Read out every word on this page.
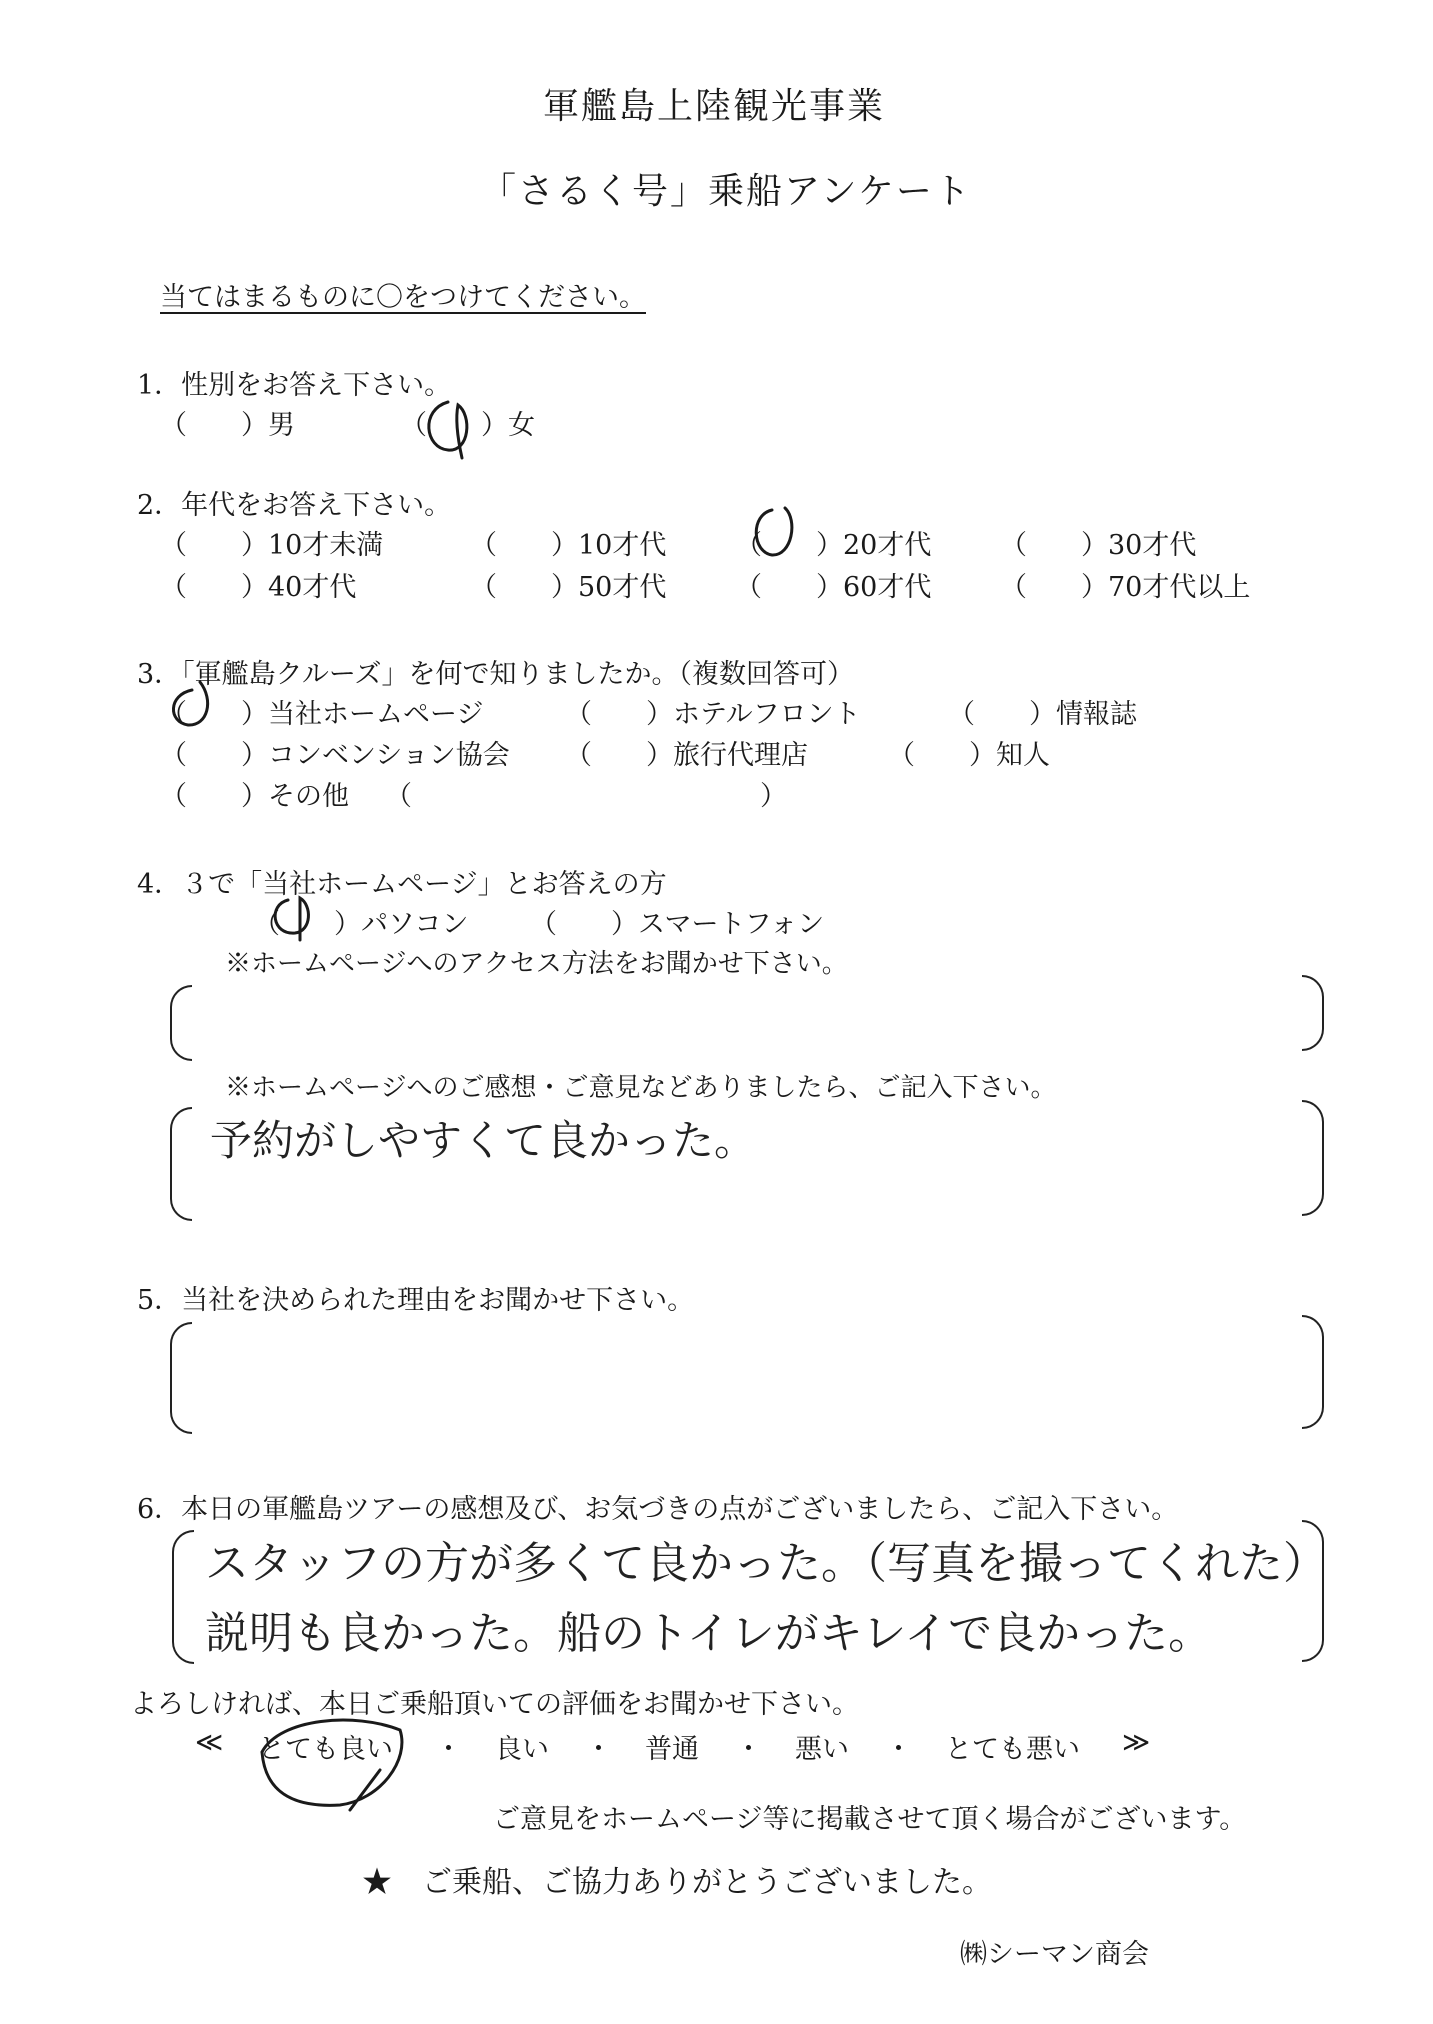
軍艦島上陸観光事業
「さるく号」乗船アンケート
当てはまるものに〇をつけてください。
1．性別をお答え下さい。
（　　）男	（　　）女
2．年代をお答え下さい。
（　　）10才未満	（　　）10才代	（　　）20才代	（　　）30才代
（　　）40才代	（　　）50才代	（　　）60才代	（　　）70才代以上
3．「軍艦島クルーズ」を何で知りましたか。（複数回答可）
（　　）当社ホームページ	（　　）ホテルフロント	（　　）情報誌
（　　）コンベンション協会 （　　）旅行代理店	（　　）知人
（　　）その他 （	）
4．３で「当社ホームページ」とお答えの方
（　　）パソコン （　　）スマートフォン
※ホームページへのアクセス方法をお聞かせ下さい。
※ホームページへのご感想・ご意見などありましたら、ご記入下さい。
予約がしやすくて良かった。
5．当社を決められた理由をお聞かせ下さい。
6．本日の軍艦島ツアーの感想及び、お気づきの点がございましたら、ご記入下さい。
スタッフの方が多くて良かった。（写真を撮ってくれた）
説明も良かった。船のトイレがキレイで良かった。
よろしければ、本日ご乗船頂いての評価をお聞かせ下さい。
≪ とても良い ・ 良い ・ 普通 ・ 悪い ・ とても悪い ≫
ご意見をホームページ等に掲載させて頂く場合がございます。
★　ご乗船、ご協力ありがとうございました。
㈱シーマン商会
